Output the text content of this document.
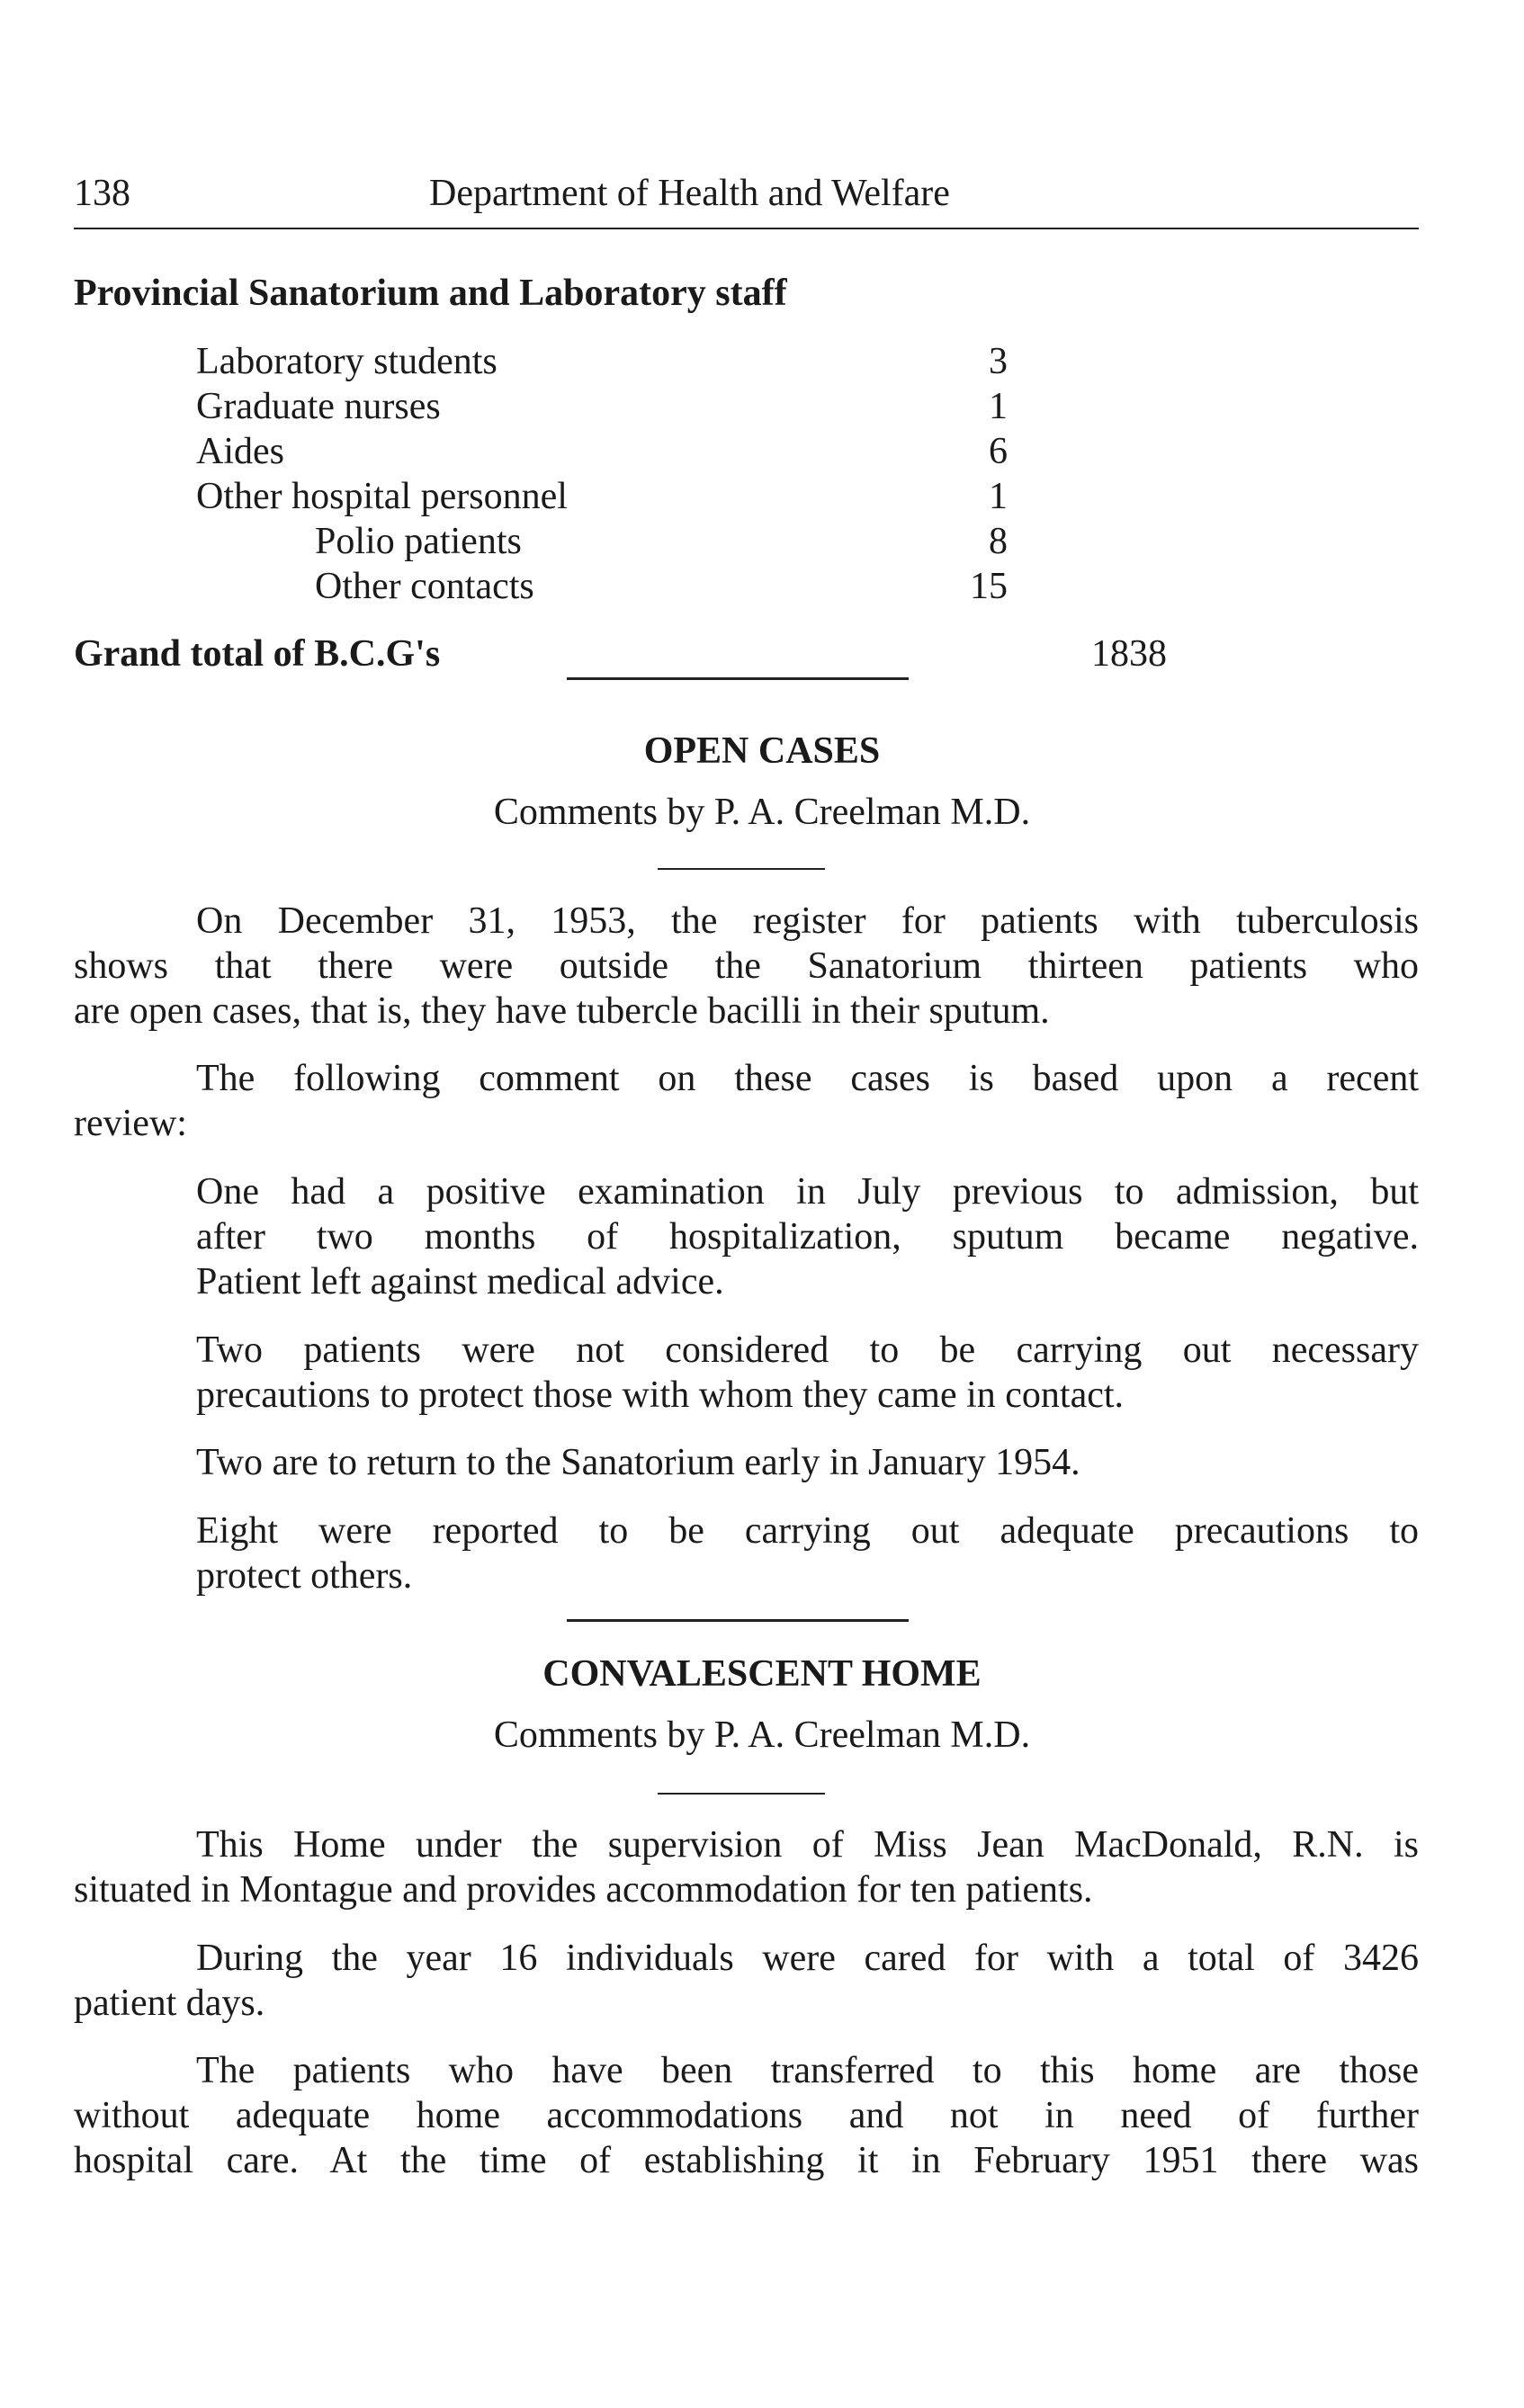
138	Department of Health and Welfare
Provincial Sanatorium and Laboratory staff
Laboratory students	3
Graduate nurses	1
Aides	6
Other hospital personnel	1
Polio patients	8
Other contacts	15
Grand total of B.C.G's	1838
OPEN CASES
Comments by P. A. Creelman M.D.
On December 31, 1953, the register for patients with tuberculosis
shows that there were outside the Sanatorium thirteen patients who
are open cases, that is, they have tubercle bacilli in their sputum.
The following comment on these cases is based upon a recent
review:
One had a positive examination in July previous to admission, but
after two months of hospitalization, sputum became negative.
Patient left against medical advice.
Two patients were not considered to be carrying out necessary
precautions to protect those with whom they came in contact.
Two are to return to the Sanatorium early in January 1954.
Eight were reported to be carrying out adequate precautions to
protect others.
CONVALESCENT HOME
Comments by P. A. Creelman M.D.
This Home under the supervision of Miss Jean MacDonald, R.N. is
situated in Montague and provides accommodation for ten patients.
During the year 16 individuals were cared for with a total of 3426
patient days.
The patients who have been transferred to this home are those
without adequate home accommodations and not in need of further
hospital care. At the time of establishing it in February 1951 there was
